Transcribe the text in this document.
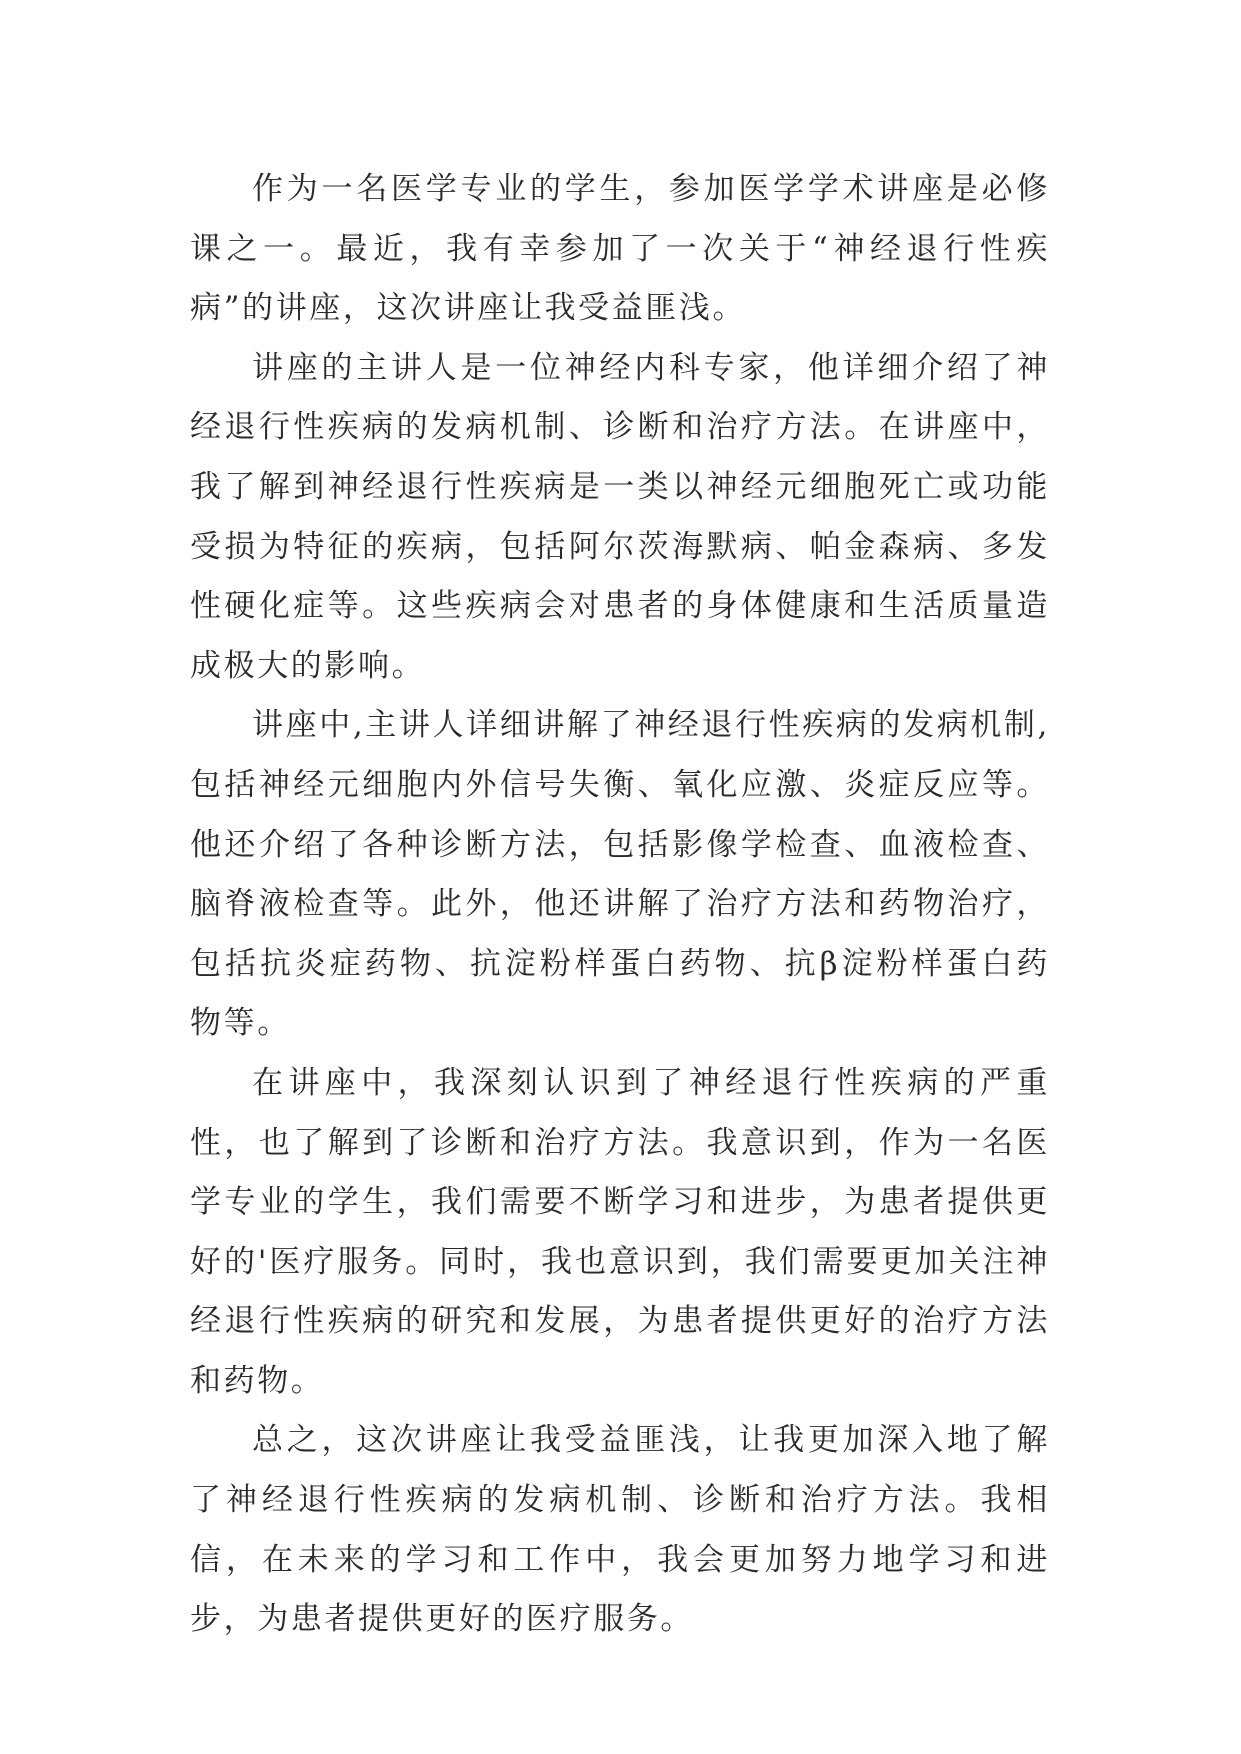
作为一名医学专业的学生，参加医学学术讲座是必修课之一。最近，我有幸参加了一次关于“神经退行性疾病”的讲座，这次讲座让我受益匪浅。

讲座的主讲人是一位神经内科专家，他详细介绍了神经退行性疾病的发病机制、诊断和治疗方法。在讲座中，我了解到神经退行性疾病是一类以神经元细胞死亡或功能受损为特征的疾病，包括阿尔茨海默病、帕金森病、多发性硬化症等。这些疾病会对患者的身体健康和生活质量造成极大的影响。

讲座中,主讲人详细讲解了神经退行性疾病的发病机制,包括神经元细胞内外信号失衡、氧化应激、炎症反应等。他还介绍了各种诊断方法，包括影像学检查、血液检查、脑脊液检查等。此外，他还讲解了治疗方法和药物治疗，包括抗炎症药物、抗淀粉样蛋白药物、抗β淀粉样蛋白药物等。

在讲座中，我深刻认识到了神经退行性疾病的严重性，也了解到了诊断和治疗方法。我意识到，作为一名医学专业的学生，我们需要不断学习和进步，为患者提供更好的'医疗服务。同时，我也意识到，我们需要更加关注神经退行性疾病的研究和发展，为患者提供更好的治疗方法和药物。

总之，这次讲座让我受益匪浅，让我更加深入地了解了神经退行性疾病的发病机制、诊断和治疗方法。我相信，在未来的学习和工作中，我会更加努力地学习和进步，为患者提供更好的医疗服务。
